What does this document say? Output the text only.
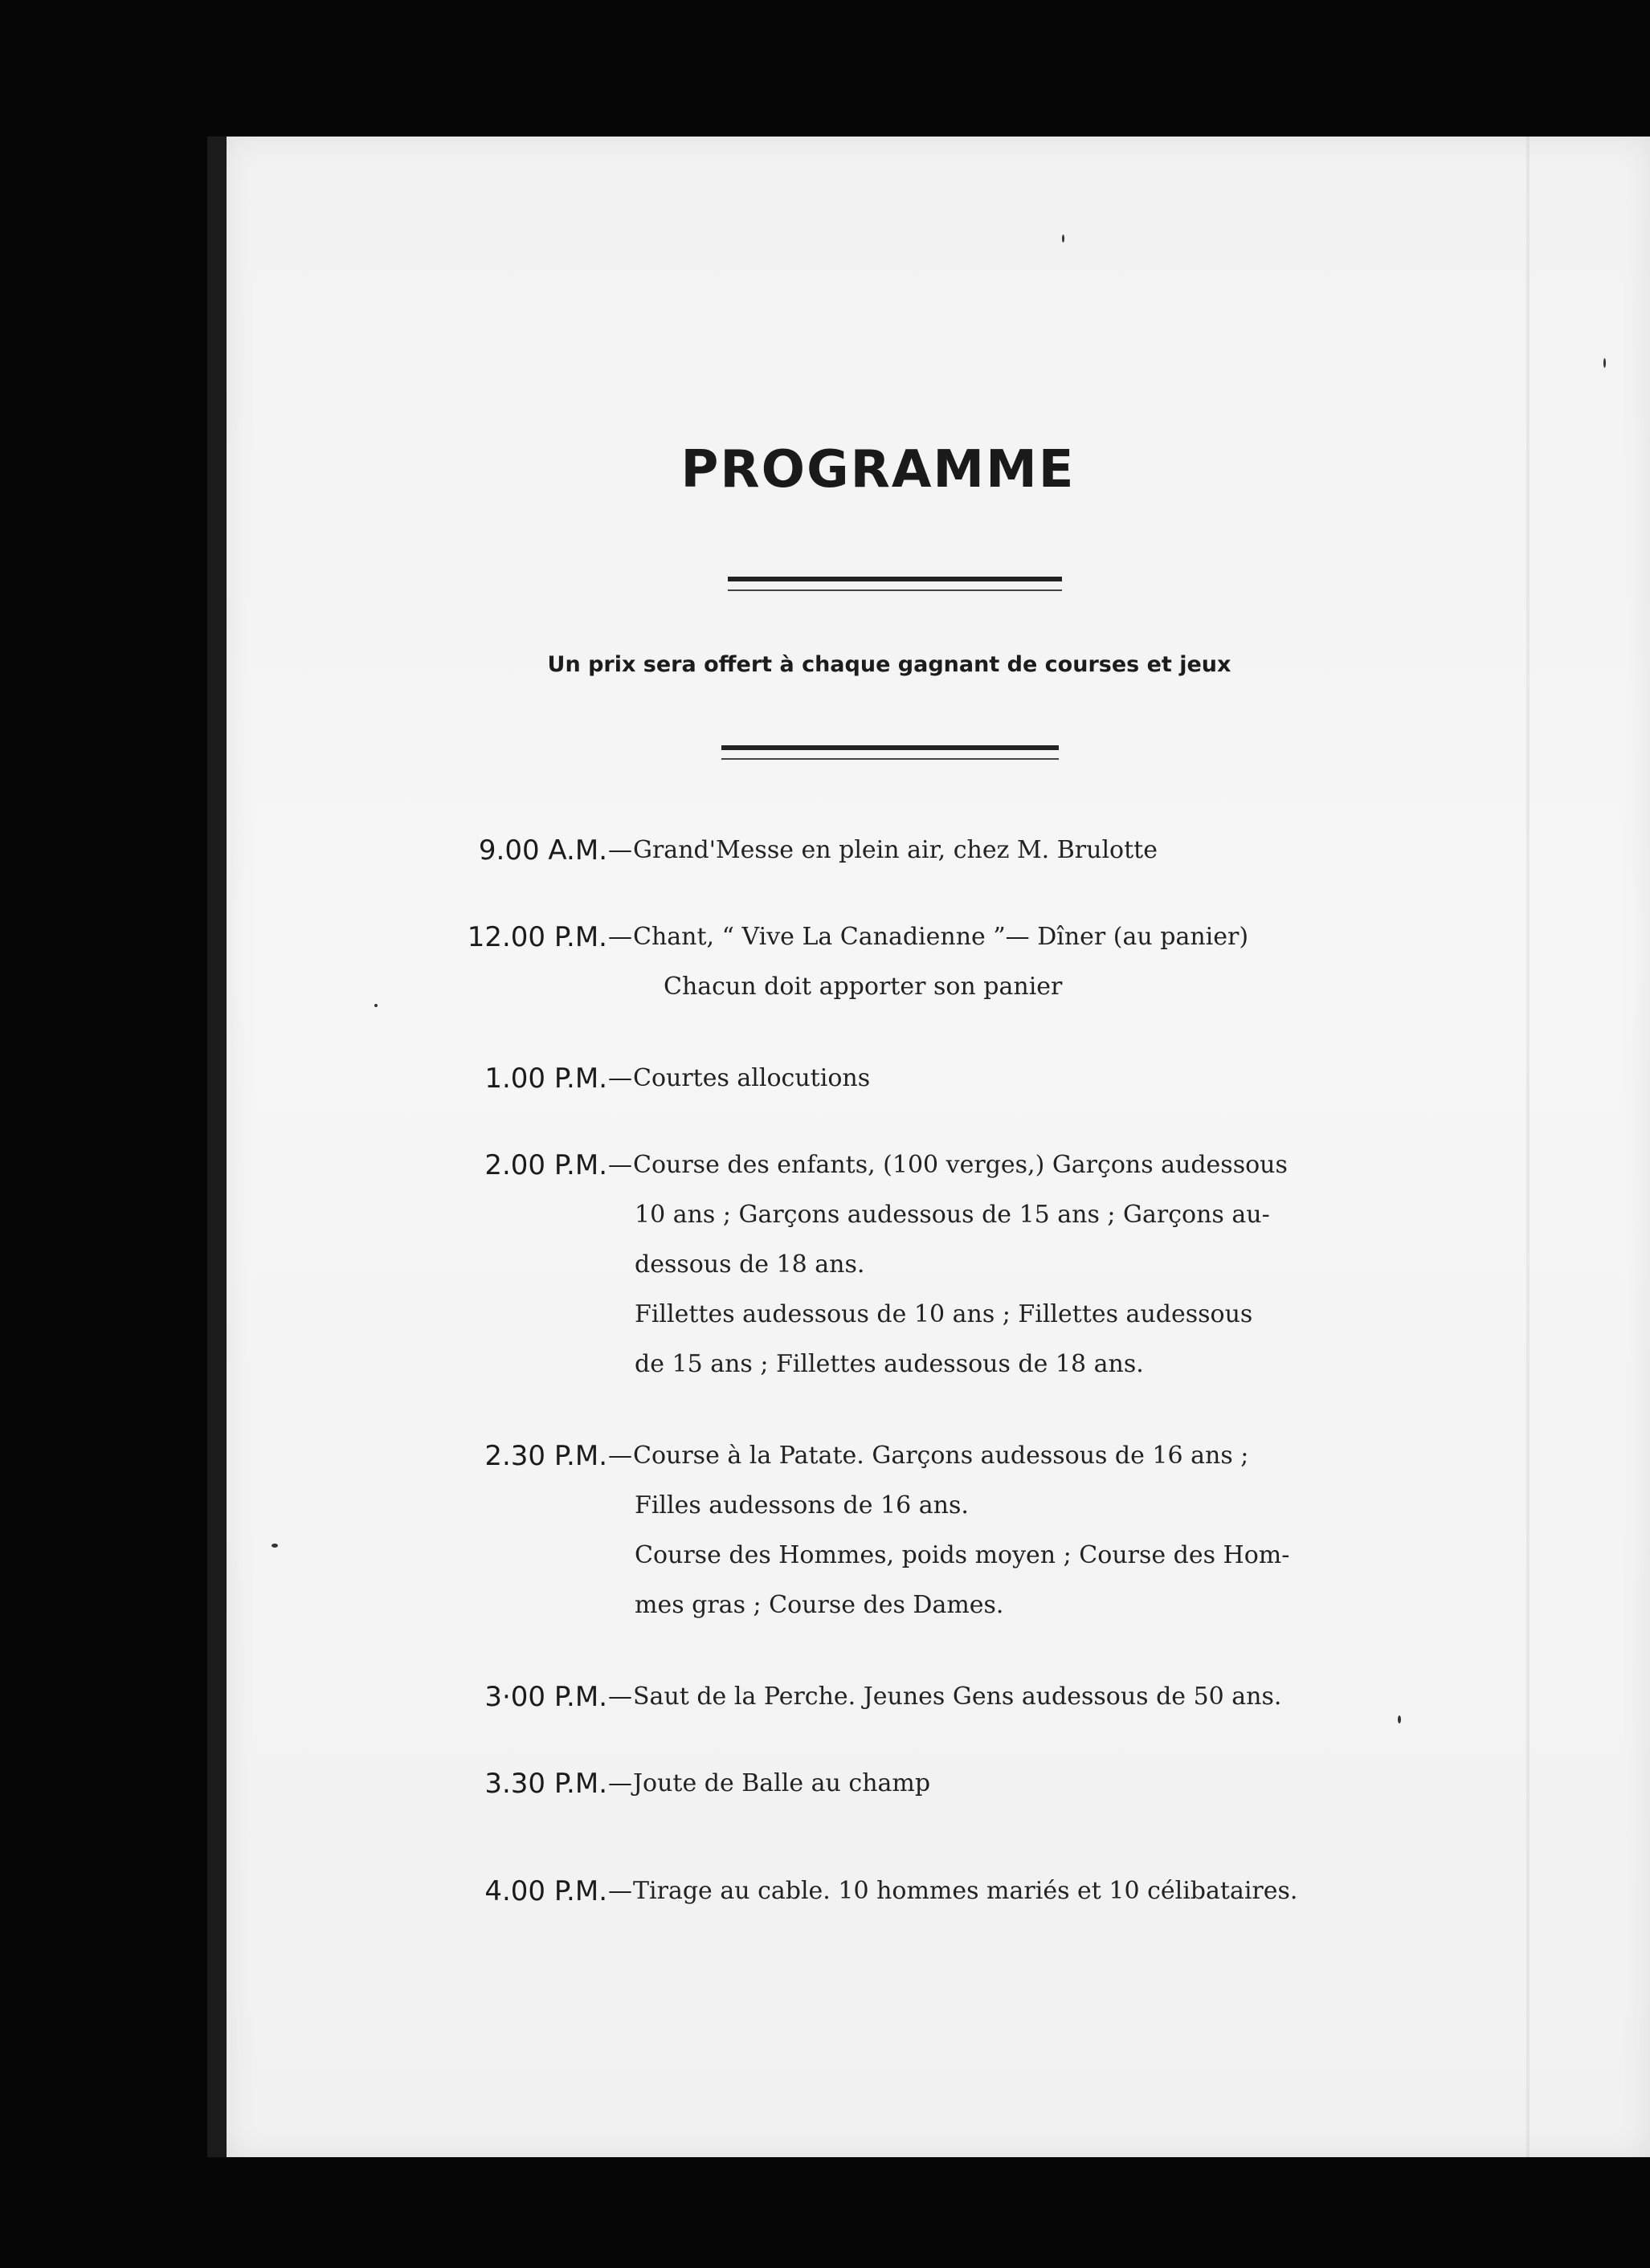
PROGRAMME
Un prix sera offert à chaque gagnant de courses et jeux
9.00 A.M.—Grand'Messe en plein air, chez M. Brulotte
12.00 P.M.—Chant, “ Vive La Canadienne ”— Dîner (au panier)
Chacun doit apporter son panier
1.00 P.M.—Courtes allocutions
2.00 P.M.—Course des enfants, (100 verges,) Garçons audessous
10 ans ; Garçons audessous de 15 ans ; Garçons au-
dessous de 18 ans.
Fillettes audessous de 10 ans ; Fillettes audessous
de 15 ans ; Fillettes audessous de 18 ans.
2.30 P.M.—Course à la Patate. Garçons audessous de 16 ans ;
Filles audessons de 16 ans.
Course des Hommes, poids moyen ; Course des Hom-
mes gras ; Course des Dames.
3·00 P.M.—Saut de la Perche. Jeunes Gens audessous de 50 ans.
3.30 P.M.—Joute de Balle au champ
4.00 P.M.—Tirage au cable. 10 hommes mariés et 10 célibataires.
